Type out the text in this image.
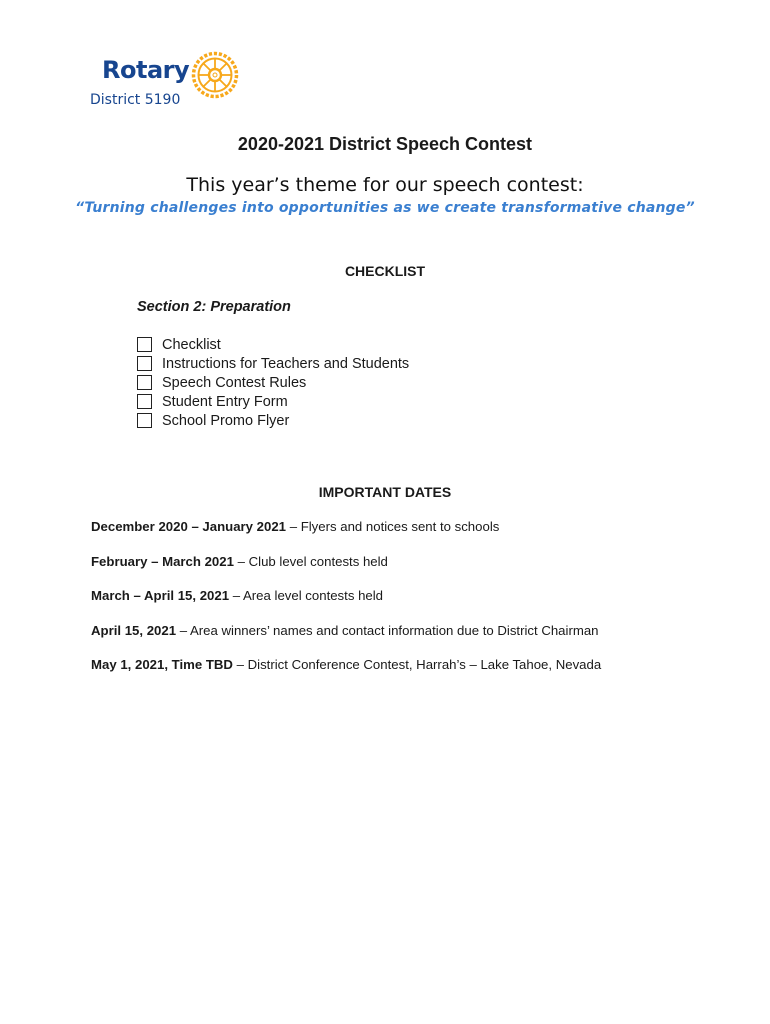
Rotary
District 5190
2020-2021 District Speech Contest
This year’s theme for our speech contest:
“Turning challenges into opportunities as we create transformative change”
CHECKLIST
Section 2: Preparation
Checklist
Instructions for Teachers and Students
Speech Contest Rules
Student Entry Form
School Promo Flyer
IMPORTANT DATES
December 2020 – January 2021 – Flyers and notices sent to schools
February – March 2021 – Club level contests held
March – April 15, 2021 – Area level contests held
April 15, 2021 – Area winners’ names and contact information due to District Chairman
May 1, 2021, Time TBD – District Conference Contest, Harrah’s – Lake Tahoe, Nevada
